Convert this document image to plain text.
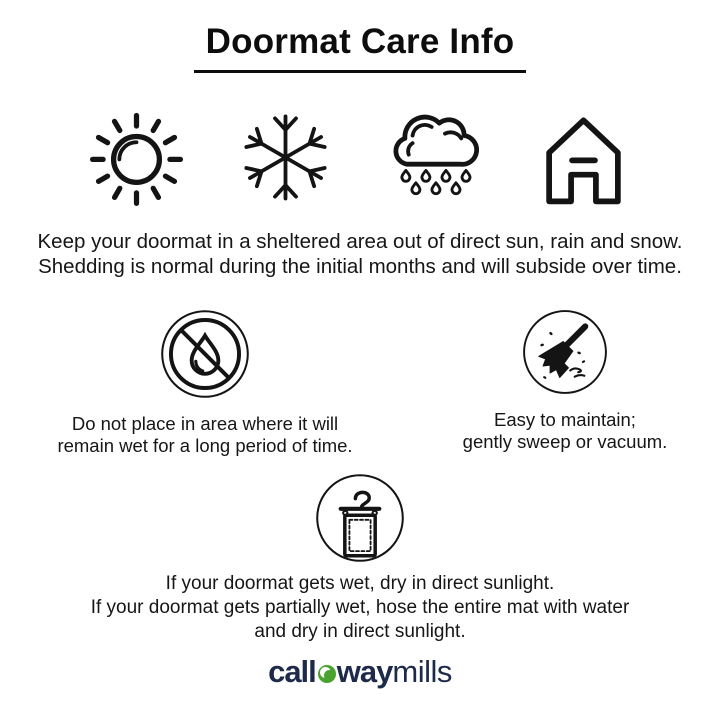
Doormat Care Info
Keep your doormat in a sheltered area out of direct sun, rain and snow.
Shedding is normal during the initial months and will subside over time.
Do not place in area where it will
remain wet for a long period of time.
Easy to maintain;
gently sweep or vacuum.
If your doormat gets wet, dry in direct sunlight.
If your doormat gets partially wet, hose the entire mat with water
and dry in direct sunlight.
call waymills
